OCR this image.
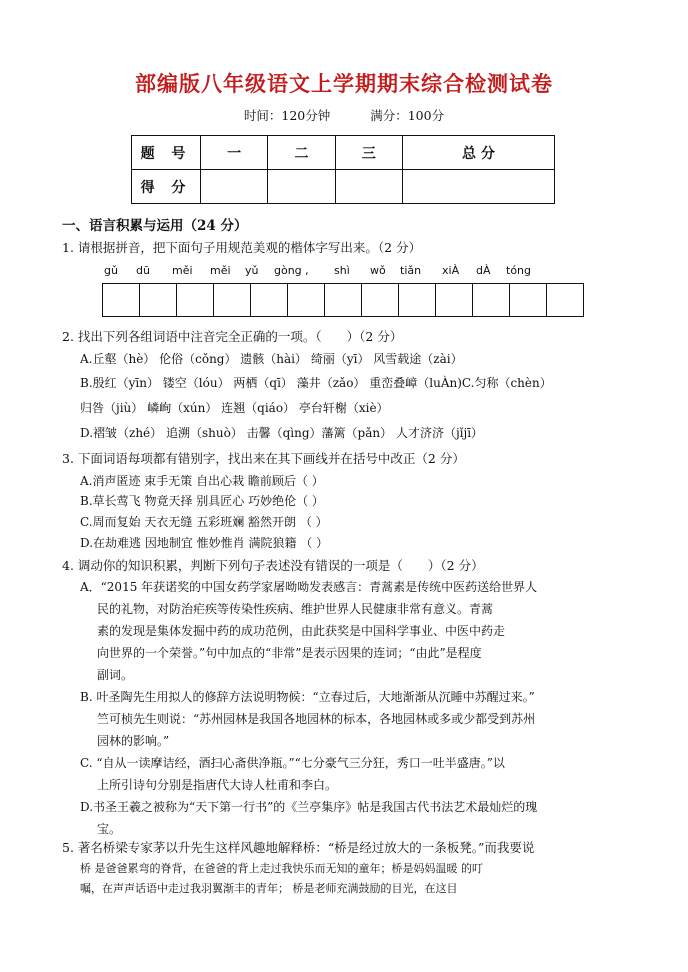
部编版八年级语文上学期期末综合检测试卷
时间：120分钟	满分：100分
题 号	一	二	三	总 分
得 分				
一、语言积累与运用（24 分）
1. 请根据拼音，把下面句子用规范美观的楷体字写出来。（2 分）
gǔ dū měi měi yǔ gòng , shì wǒ tiǎn xiÀ dÀ tóng
2. 找出下列各组词语中注音完全正确的一项。（　　）（2 分）
A.丘壑（hè） 伦俗（cǒng） 遗骸（hài） 绮丽（yī） 风雪载途（zài）
B.殷红（yīn） 镂空（lóu） 两栖（qī） 藻井（zǎo） 重峦叠嶂（luÀn)C.匀称（chèn）
归咎（jiù） 嶙峋（xún） 连翘（qiáo） 亭台轩榭（xiè）
D.褶皱（zhé） 追溯（shuò） 击馨（qìng）藩篱（pǎn） 人才济济（jǐjī）
3. 下面词语每项都有错别字，找出来在其下画线并在括号中改正（2 分）
A.消声匿迹 束手无策 自出心栽 瞻前顾后（ ）
B.草长莺飞 物竟天择 别具匠心 巧妙绝伦（ ）
C.周而复始 天衣无缝 五彩班斓 豁然开朗 （ ）
D.在劫难逃 因地制宜 惟妙惟肖 满院狼籍 （ ）
4. 调动你的知识积累，判断下列句子表述没有错误的一项是（　　）（2 分）
A．“2015 年获诺奖的中国女药学家屠呦呦发表感言：青蒿素是传统中医药送给世界人
民的礼物，对防治疟疾等传染性疾病、维护世界人民健康非常有意义。青蒿
素的发现是集体发掘中药的成功范例，由此获奖是中国科学事业、中医中药走
向世界的一个荣誉。”句中加点的“非常”是表示因果的连词；“由此”是程度
副词。
B. 叶圣陶先生用拟人的修辞方法说明物候：“立春过后，大地渐渐从沉睡中苏醒过来。”
竺可桢先生则说：“苏州园林是我国各地园林的标本，各地园林或多或少都受到苏州
园林的影响。”
C. “自从一读摩诘经，酒扫心斋供净瓶。”“七分豪气三分狂，秀口一吐半盛唐。”以
上所引诗句分别是指唐代大诗人杜甫和李白。
D.书圣王羲之被称为“天下第一行书”的《兰亭集序》帖是我国古代书法艺术最灿烂的瑰
宝。
5. 著名桥梁专家茅以升先生这样风趣地解释桥：“桥是经过放大的一条板凳。”而我要说
桥 是爸爸累弯的脊背，在爸爸的背上走过我快乐而无知的童年；桥是妈妈温暖 的叮
嘱，在声声话语中走过我羽翼渐丰的青年； 桥是老师充满鼓励的目光，在这目
